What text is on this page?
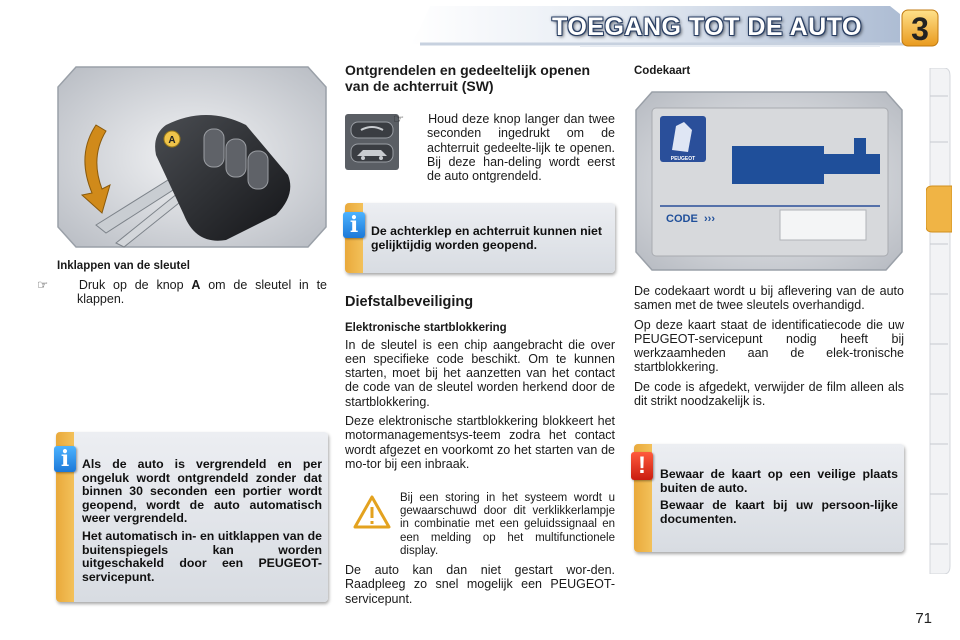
TOEGANG TOT DE AUTO	3
A
Inklappen van de sleutel
☞ Druk op de knop A om de sleutel in te klappen.

Als de auto is vergrendeld en per ongeluk wordt ontgrendeld zonder dat binnen 30 seconden een portier wordt geopend, wordt de auto automatisch weer vergrendeld.

Het automatisch in- en uitklappen van de buitenspiegels kan worden uitgeschakeld door een PEUGEOT-servicepunt.

i
Ontgrendelen en gedeeltelijk openen van de achterruit (SW)
☞ Houd deze knop langer dan twee seconden ingedrukt om de achterruit gedeelte-lijk te openen. Bij deze han-deling wordt eerst de auto ontgrendeld.
De achterklep en achterruit kunnen niet gelijktijdig worden geopend.
i
Diefstalbeveiliging
Elektronische startblokkering

In de sleutel is een chip aangebracht die over een specifieke code beschikt. Om te kunnen starten, moet bij het aanzetten van het contact de code van de sleutel worden herkend door de startblokkering.

Deze elektronische startblokkering blokkeert het motormanagementsys-teem zodra het contact wordt afgezet en voorkomt zo het starten van de mo-tor bij een inbraak.

Bij een storing in het systeem wordt u gewaarschuwd door dit verklikkerlampje in combinatie met een geluidssignaal en een melding op het multifunctionele display.
De auto kan dan niet gestart wor-den. Raadpleeg zo snel mogelijk een PEUGEOT-servicepunt.
Codekaart
PEUGEOT
CODE ›››

De codekaart wordt u bij aflevering van de auto samen met de twee sleutels overhandigd.

Op deze kaart staat de identificatiecode die uw PEUGEOT-servicepunt nodig heeft bij werkzaamheden aan de elek-tronische startblokkering.

De code is afgedekt, verwijder de film alleen als dit strikt noodzakelijk is.

Bewaar de kaart op een veilige plaats buiten de auto.

Bewaar de kaart bij uw persoon-lijke documenten.

!
71
